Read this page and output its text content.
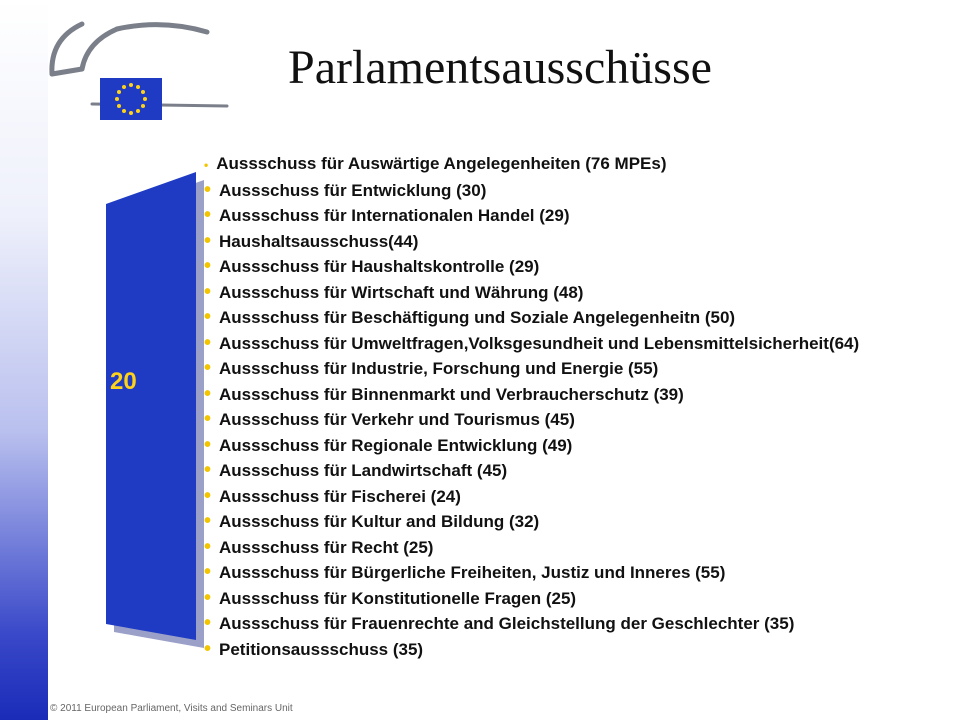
Parlamentsausschüsse
20
• Aussschuss für Auswärtige Angelegenheiten (76 MPEs)
• Aussschuss für Entwicklung (30)
• Aussschuss für Internationalen Handel (29)
• Haushaltsausschuss(44)
• Aussschuss für Haushaltskontrolle (29)
• Aussschuss für Wirtschaft und Währung (48)
• Aussschuss für Beschäftigung und Soziale Angelegenheitn (50)
• Aussschuss für Umweltfragen,Volksgesundheit und Lebensmittelsicherheit(64)
• Aussschuss für Industrie, Forschung und Energie (55)
• Aussschuss für Binnenmarkt und Verbraucherschutz (39)
• Aussschuss für Verkehr und Tourismus (45)
• Aussschuss für Regionale Entwicklung (49)
• Aussschuss für Landwirtschaft (45)
• Aussschuss für Fischerei (24)
• Aussschuss für Kultur and Bildung (32)
• Aussschuss für Recht (25)
• Aussschuss für Bürgerliche Freiheiten, Justiz und Inneres (55)
• Aussschuss für Konstitutionelle Fragen (25)
• Aussschuss für Frauenrechte and Gleichstellung der Geschlechter (35)
• Petitionsaussschuss (35)
© 2011 European Parliament, Visits and Seminars Unit
